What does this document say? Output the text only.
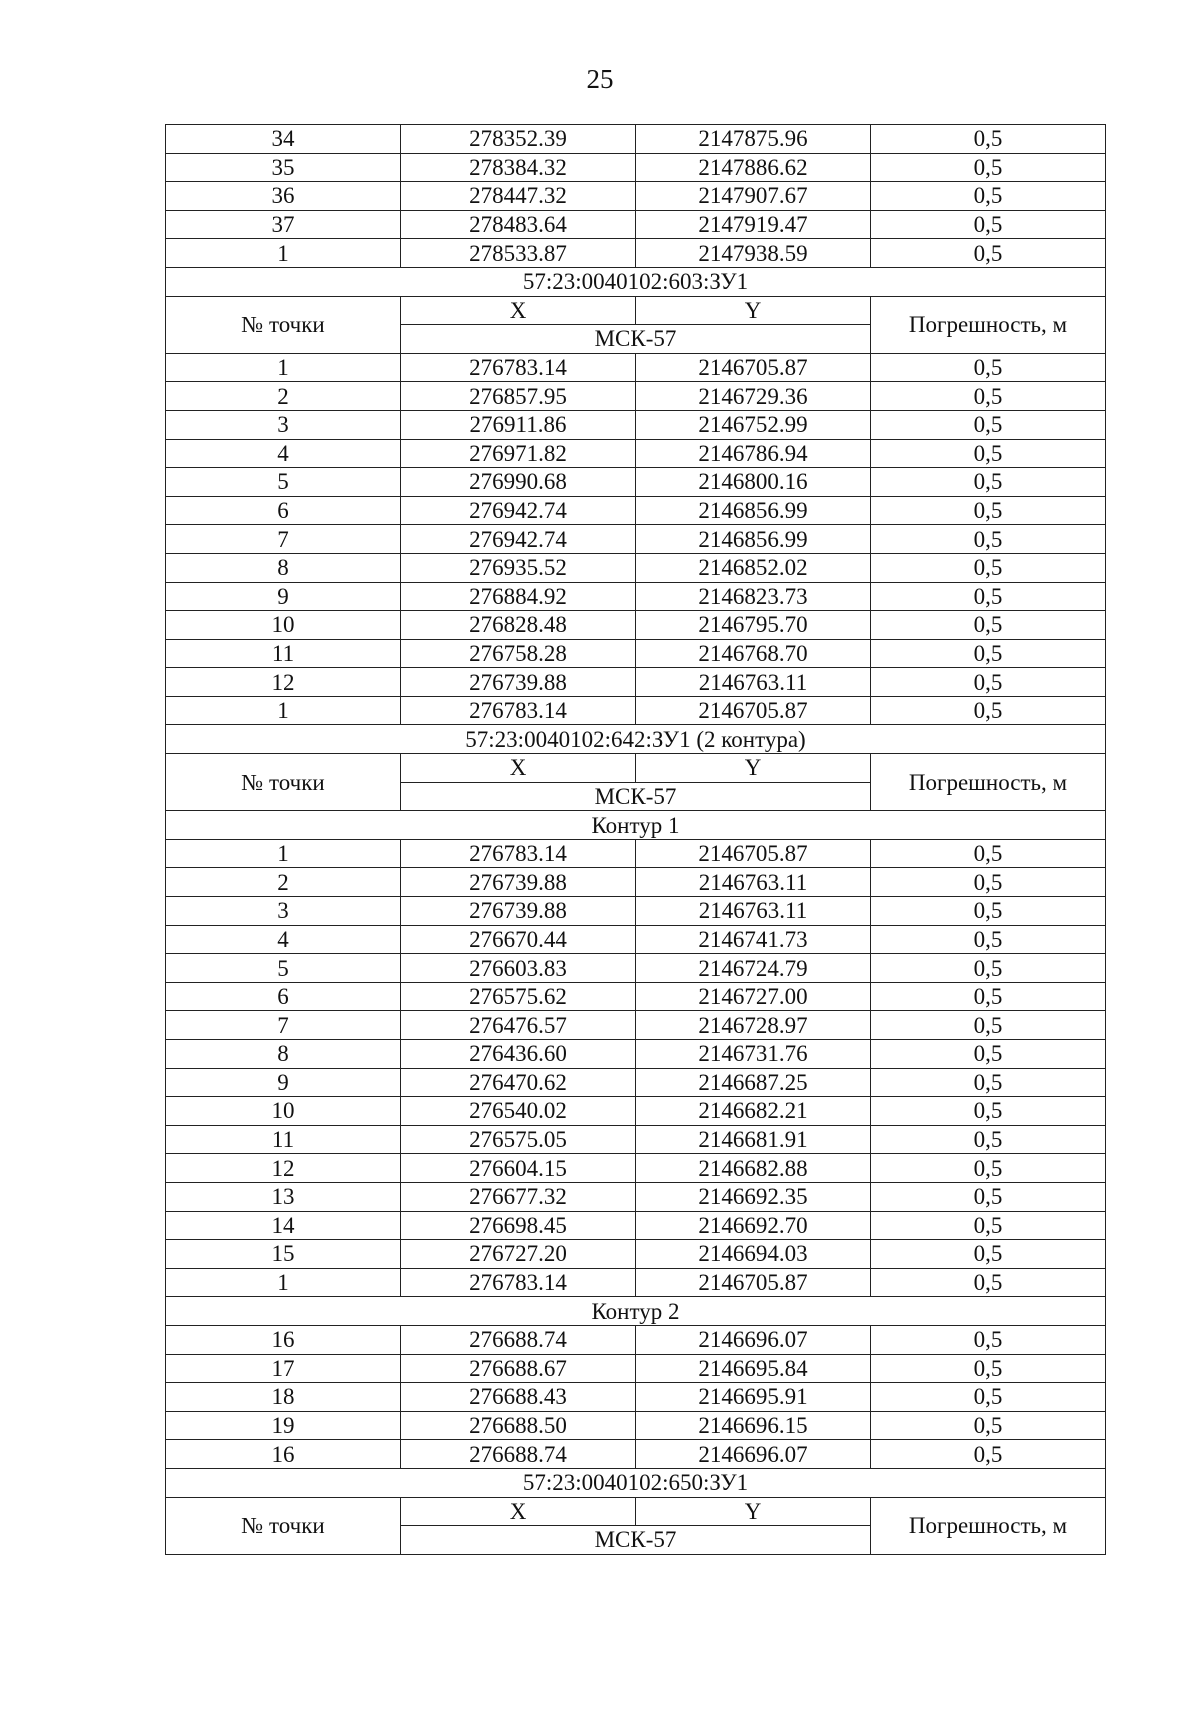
25
34	278352.39	2147875.96	0,5
35	278384.32	2147886.62	0,5
36	278447.32	2147907.67	0,5
37	278483.64	2147919.47	0,5
1	278533.87	2147938.59	0,5
57:23:0040102:603:ЗУ1			
№ точки	X	Y	Погрешность, м
	МСК-57		
1	276783.14	2146705.87	0,5
2	276857.95	2146729.36	0,5
3	276911.86	2146752.99	0,5
4	276971.82	2146786.94	0,5
5	276990.68	2146800.16	0,5
6	276942.74	2146856.99	0,5
7	276942.74	2146856.99	0,5
8	276935.52	2146852.02	0,5
9	276884.92	2146823.73	0,5
10	276828.48	2146795.70	0,5
11	276758.28	2146768.70	0,5
12	276739.88	2146763.11	0,5
1	276783.14	2146705.87	0,5
57:23:0040102:642:ЗУ1 (2 контура)			
№ точки	X	Y	Погрешность, м
	МСК-57		
Контур 1			
1	276783.14	2146705.87	0,5
2	276739.88	2146763.11	0,5
3	276739.88	2146763.11	0,5
4	276670.44	2146741.73	0,5
5	276603.83	2146724.79	0,5
6	276575.62	2146727.00	0,5
7	276476.57	2146728.97	0,5
8	276436.60	2146731.76	0,5
9	276470.62	2146687.25	0,5
10	276540.02	2146682.21	0,5
11	276575.05	2146681.91	0,5
12	276604.15	2146682.88	0,5
13	276677.32	2146692.35	0,5
14	276698.45	2146692.70	0,5
15	276727.20	2146694.03	0,5
1	276783.14	2146705.87	0,5
Контур 2			
16	276688.74	2146696.07	0,5
17	276688.67	2146695.84	0,5
18	276688.43	2146695.91	0,5
19	276688.50	2146696.15	0,5
16	276688.74	2146696.07	0,5
57:23:0040102:650:ЗУ1			
№ точки	X	Y	Погрешность, м
	МСК-57		
